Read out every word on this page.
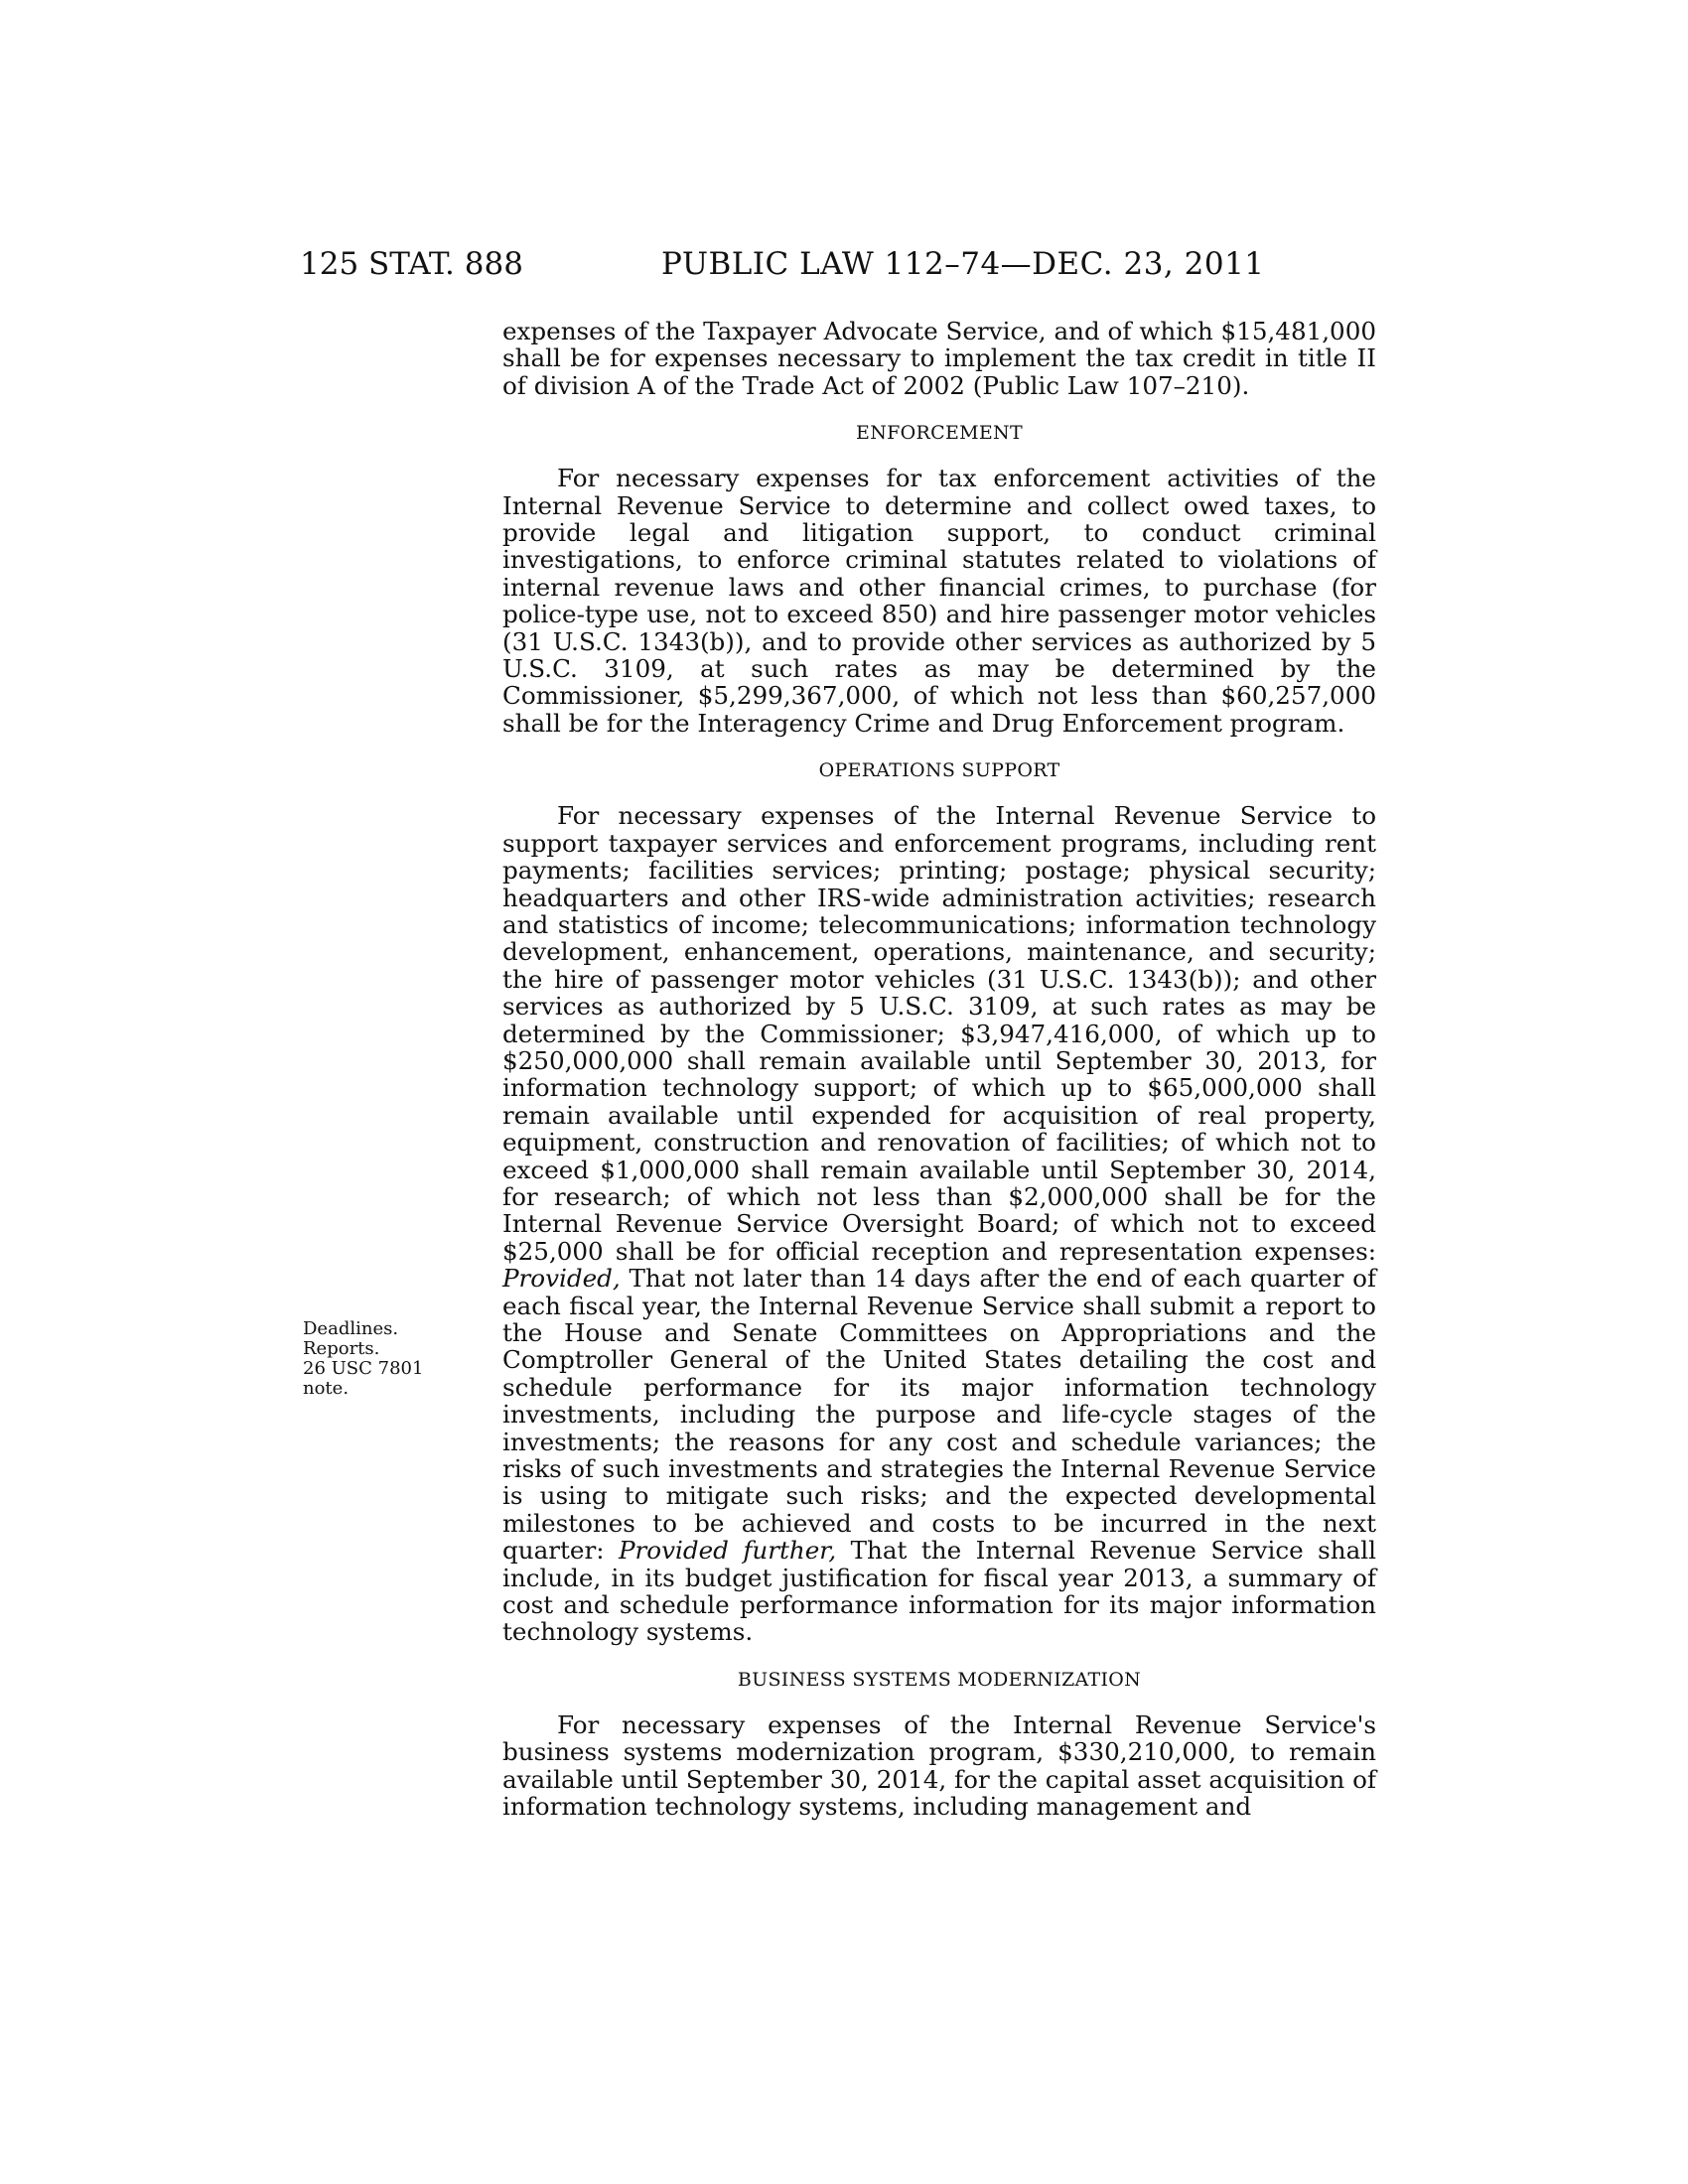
125 STAT. 888	PUBLIC LAW 112–74—DEC. 23, 2011
Deadlines.
Reports.
26 USC 7801
note.

expenses of the Taxpayer Advocate Service, and of which $15,481,000 shall be for expenses necessary to implement the tax credit in title II of division A of the Trade Act of 2002 (Public Law 107–210).

ENFORCEMENT

For necessary expenses for tax enforcement activities of the Internal Revenue Service to determine and collect owed taxes, to provide legal and litigation support, to conduct criminal investigations, to enforce criminal statutes related to violations of internal revenue laws and other financial crimes, to purchase (for police-type use, not to exceed 850) and hire passenger motor vehicles (31 U.S.C. 1343(b)), and to provide other services as authorized by 5 U.S.C. 3109, at such rates as may be determined by the Commissioner, $5,299,367,000, of which not less than $60,257,000 shall be for the Interagency Crime and Drug Enforcement program.

OPERATIONS SUPPORT

For necessary expenses of the Internal Revenue Service to support taxpayer services and enforcement programs, including rent payments; facilities services; printing; postage; physical security; headquarters and other IRS-wide administration activities; research and statistics of income; telecommunications; information technology development, enhancement, operations, maintenance, and security; the hire of passenger motor vehicles (31 U.S.C. 1343(b)); and other services as authorized by 5 U.S.C. 3109, at such rates as may be determined by the Commissioner; $3,947,416,000, of which up to $250,000,000 shall remain available until September 30, 2013, for information technology support; of which up to $65,000,000 shall remain available until expended for acquisition of real property, equipment, construction and renovation of facilities; of which not to exceed $1,000,000 shall remain available until September 30, 2014, for research; of which not less than $2,000,000 shall be for the Internal Revenue Service Oversight Board; of which not to exceed $25,000 shall be for official reception and representation expenses: Provided, That not later than 14 days after the end of each quarter of each fiscal year, the Internal Revenue Service shall submit a report to the House and Senate Committees on Appropriations and the Comptroller General of the United States detailing the cost and schedule performance for its major information technology investments, including the purpose and life-cycle stages of the investments; the reasons for any cost and schedule variances; the risks of such investments and strategies the Internal Revenue Service is using to mitigate such risks; and the expected developmental milestones to be achieved and costs to be incurred in the next quarter: Provided further, That the Internal Revenue Service shall include, in its budget justification for fiscal year 2013, a summary of cost and schedule performance information for its major information technology systems.

BUSINESS SYSTEMS MODERNIZATION

For necessary expenses of the Internal Revenue Service's business systems modernization program, $330,210,000, to remain available until September 30, 2014, for the capital asset acquisition of information technology systems, including management and
